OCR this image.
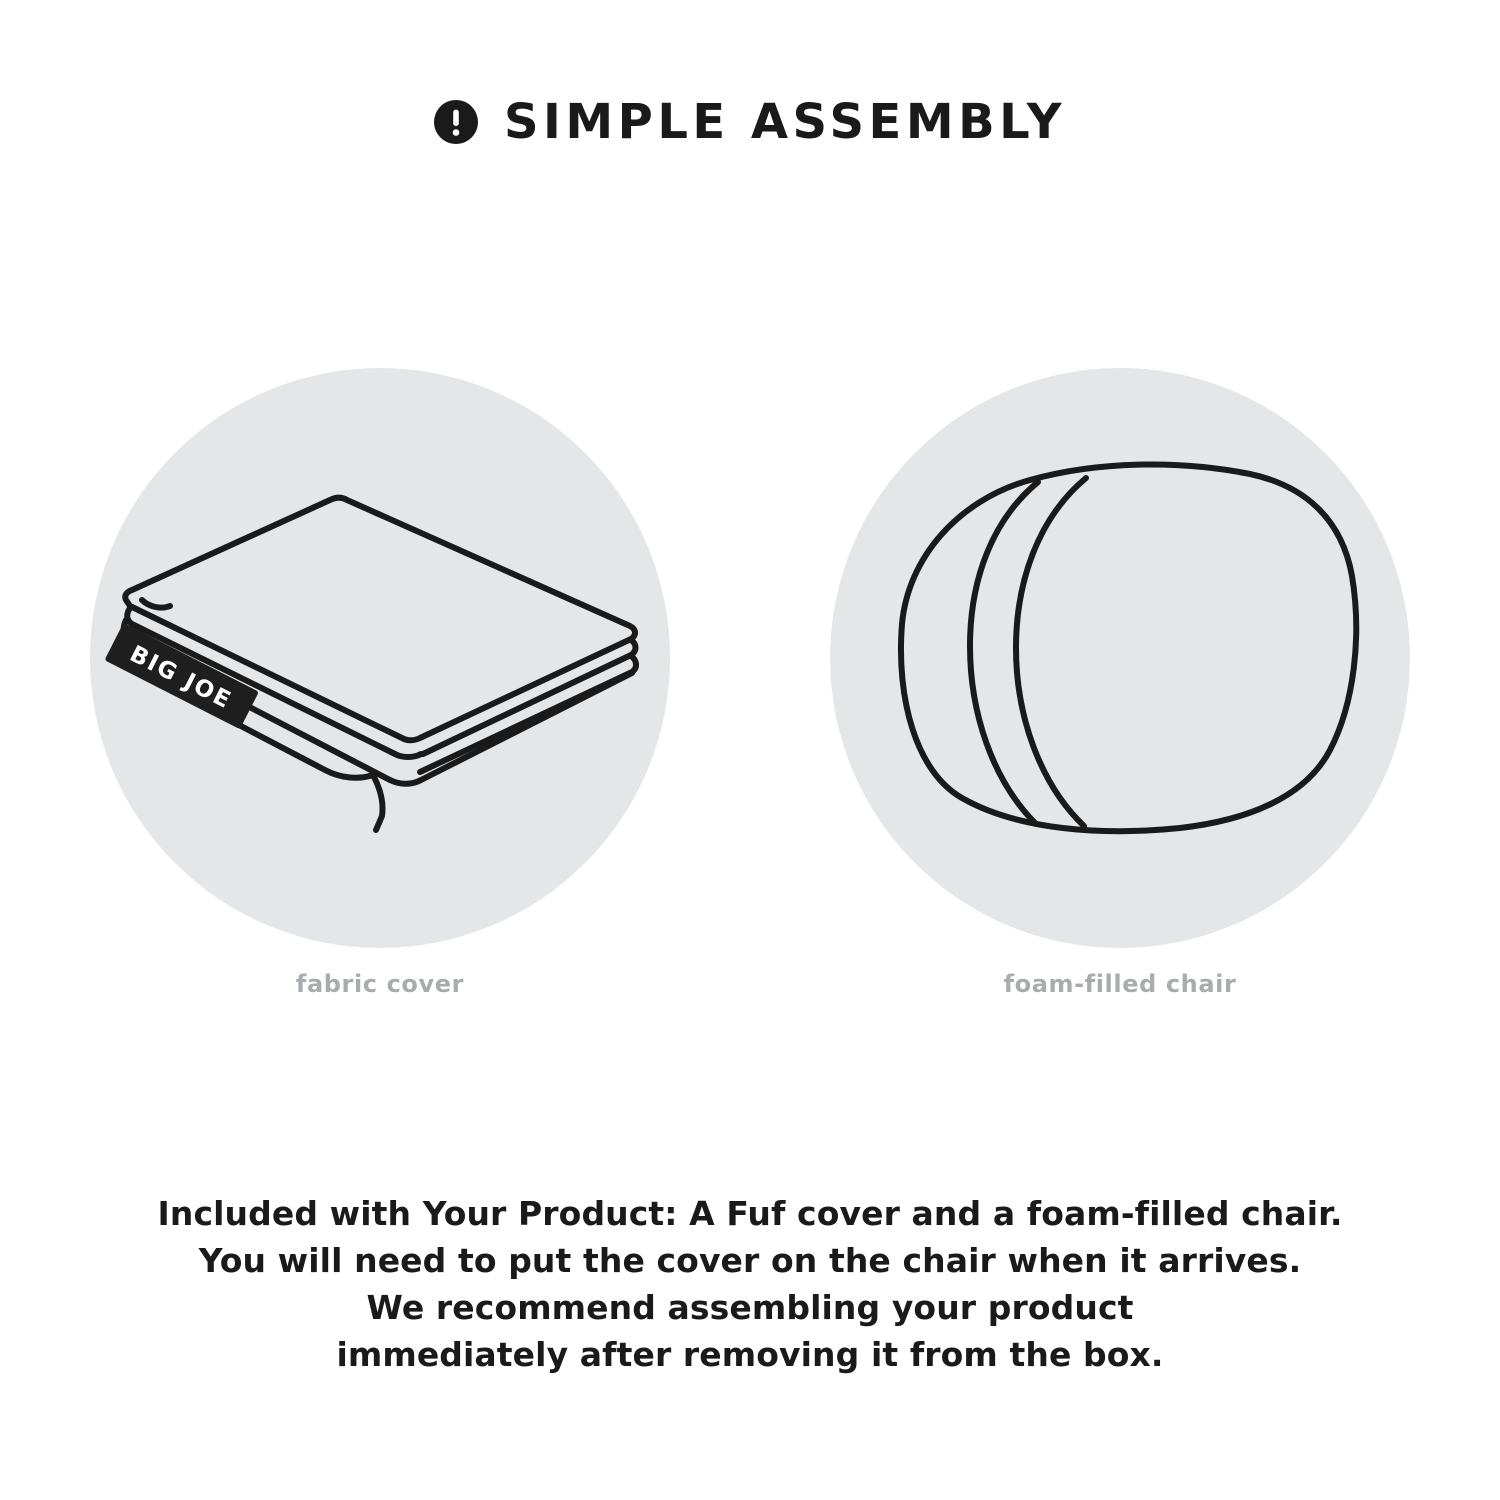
SIMPLE ASSEMBLY
BIG JOE
fabric cover	foam-filled chair
Included with Your Product: A Fuf cover and a foam-filled chair.
You will need to put the cover on the chair when it arrives.
We recommend assembling your product
immediately after removing it from the box.
